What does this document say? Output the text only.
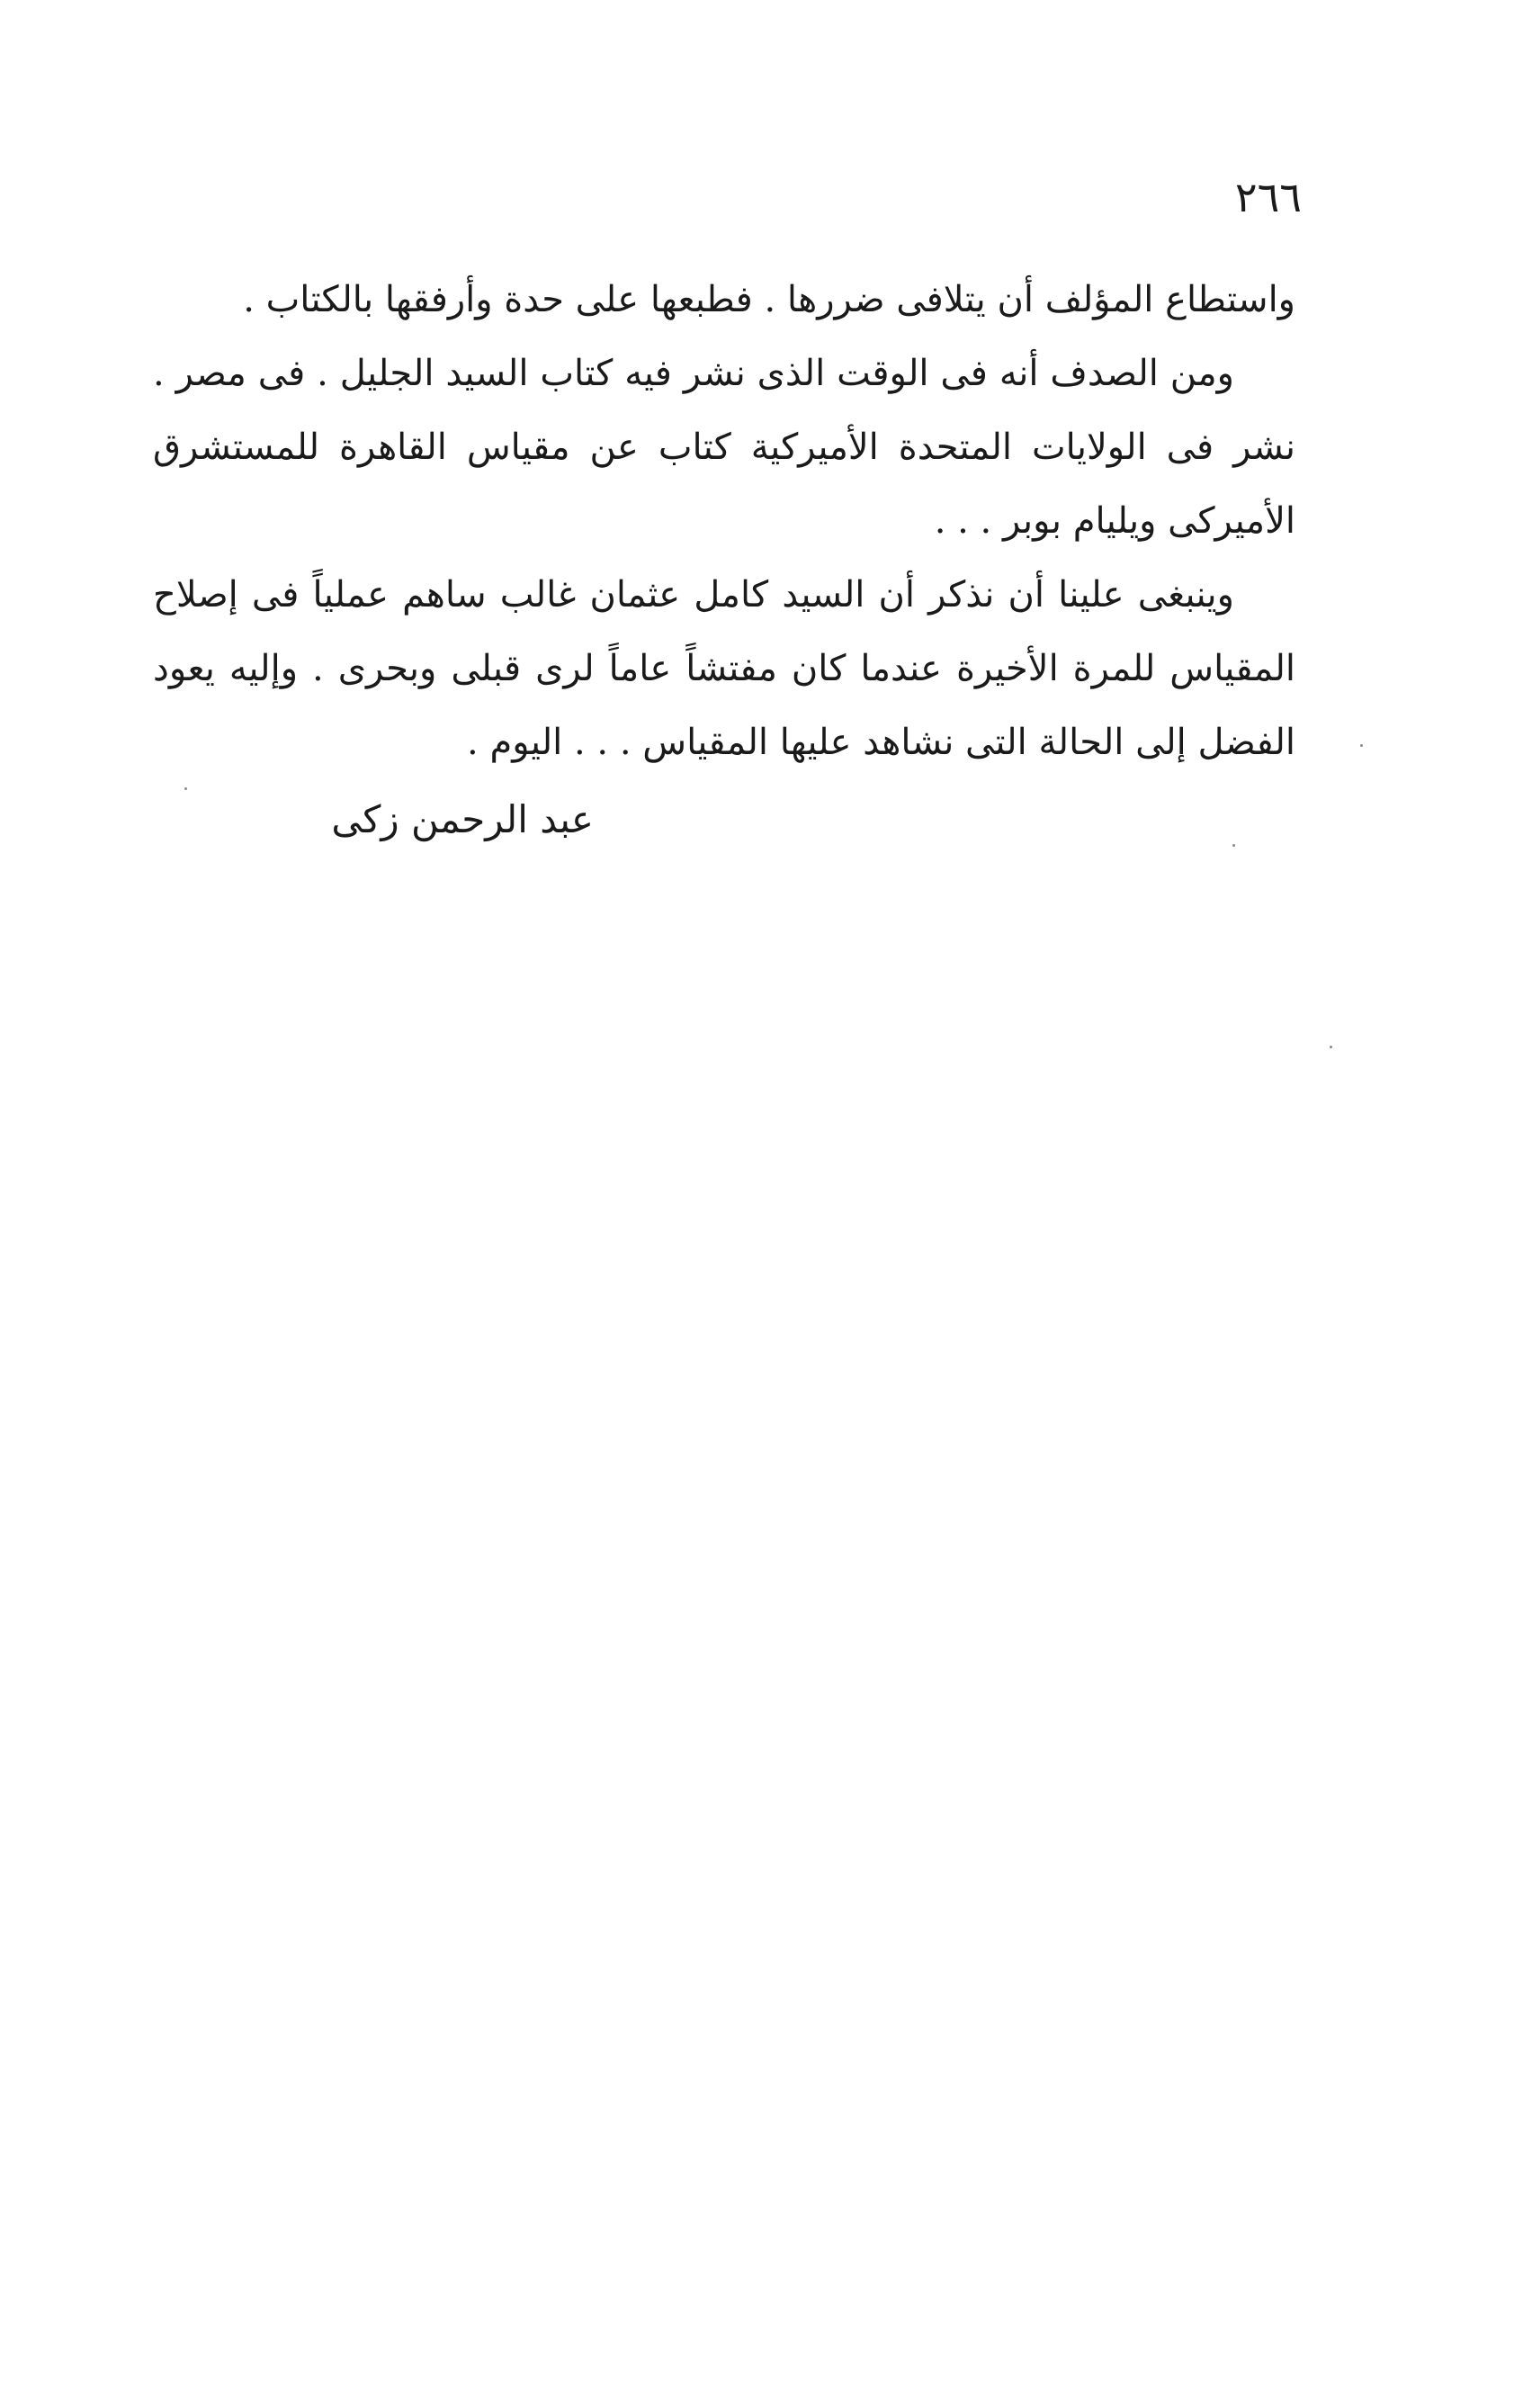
٢٦٦

واستطاع المؤلف أن يتلافى ضررها . فطبعها على حدة وأرفقها بالكتاب .

ومن الصدف أنه فى الوقت الذى نشر فيه كتاب السيد الجليل . فى مصر . نشر فى الولايات المتحدة الأميركية كتاب عن مقياس القاهرة للمستشرق الأميركى ويليام بوبر . . .

وينبغى علينا أن نذكر أن السيد كامل عثمان غالب ساهم عملياً فى إصلاح المقياس للمرة الأخيرة عندما كان مفتشاً عاماً لرى قبلى وبحرى . وإليه يعود الفضل إلى الحالة التى نشاهد عليها المقياس . . . اليوم .

عبد الرحمن زكى
